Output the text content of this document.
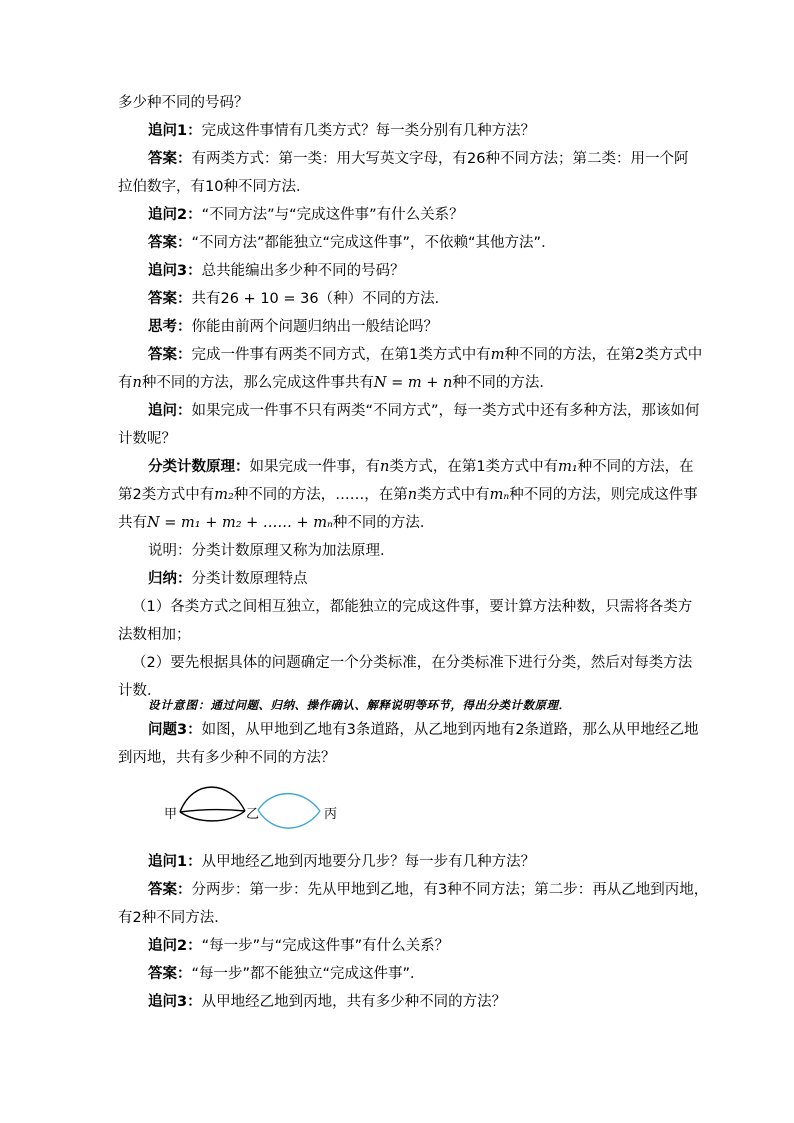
多少种不同的号码？
追问1：完成这件事情有几类方式？每一类分别有几种方法？
答案：有两类方式：第一类：用大写英文字母，有26种不同方法；第二类：用一个阿
拉伯数字，有10种不同方法．
追问2：“不同方法”与“完成这件事”有什么关系？
答案：“不同方法”都能独立“完成这件事”，不依赖“其他方法”．
追问3：总共能编出多少种不同的号码？
答案：共有26 + 10 = 36（种）不同的方法．
思考：你能由前两个问题归纳出一般结论吗？
答案：完成一件事有两类不同方式，在第1类方式中有m种不同的方法，在第2类方式中
有n种不同的方法，那么完成这件事共有N = m + n种不同的方法．
追问：如果完成一件事不只有两类“不同方式”，每一类方式中还有多种方法，那该如何
计数呢？
分类计数原理：如果完成一件事，有n类方式，在第1类方式中有m₁种不同的方法，在
第2类方式中有m₂种不同的方法，……，在第n类方式中有mₙ种不同的方法，则完成这件事
共有N = m₁ + m₂ + …… + mₙ种不同的方法．
说明：分类计数原理又称为加法原理．
归纳：分类计数原理特点
（1）各类方式之间相互独立，都能独立的完成这件事，要计算方法种数，只需将各类方
法数相加；
（2）要先根据具体的问题确定一个分类标准，在分类标准下进行分类，然后对每类方法
计数．
设计意图：通过问题、归纳、操作确认、解释说明等环节，得出分类计数原理．
问题3：如图，从甲地到乙地有3条道路，从乙地到丙地有2条道路，那么从甲地经乙地
到丙地，共有多少种不同的方法？
甲	乙	丙
追问1：从甲地经乙地到丙地要分几步？每一步有几种方法？
答案：分两步：第一步：先从甲地到乙地，有3种不同方法；第二步：再从乙地到丙地，
有2种不同方法．
追问2：“每一步”与“完成这件事”有什么关系？
答案：“每一步”都不能独立“完成这件事”．
追问3：从甲地经乙地到丙地，共有多少种不同的方法？
